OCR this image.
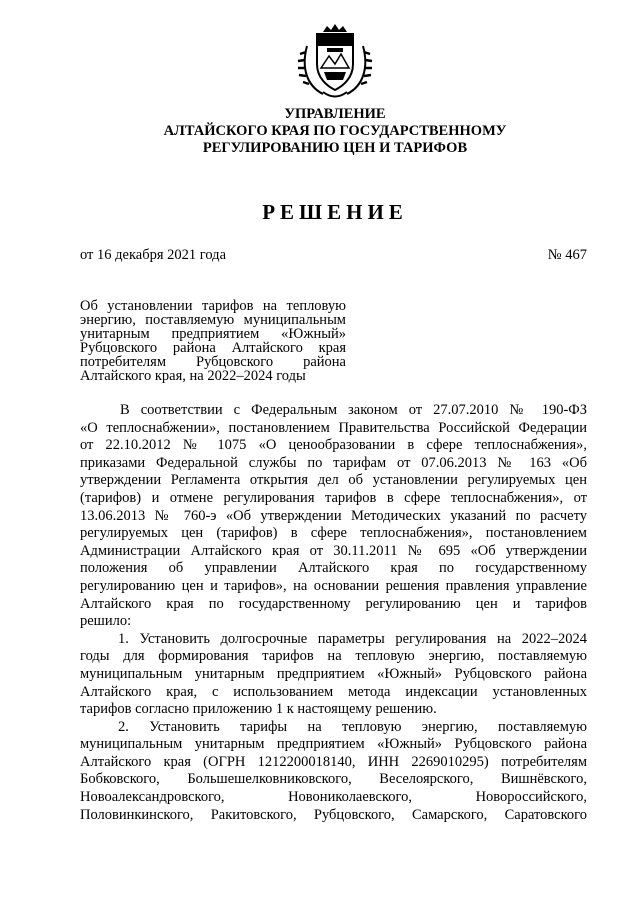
УПРАВЛЕНИЕ
АЛТАЙСКОГО КРАЯ ПО ГОСУДАРСТВЕННОМУ
РЕГУЛИРОВАНИЮ ЦЕН И ТАРИФОВ
РЕШЕНИЕ
от 16 декабря 2021 года	№ 467
Об установлении тарифов на тепловую
энергию, поставляемую муниципальным
унитарным предприятием «Южный»
Рубцовского района Алтайского края
потребителям Рубцовского района
Алтайского края, на 2022–2024 годы
В соответствии с Федеральным законом от 27.07.2010 № 190-ФЗ
«О теплоснабжении», постановлением Правительства Российской Федерации
от 22.10.2012 № 1075 «О ценообразовании в сфере теплоснабжения»,
приказами Федеральной службы по тарифам от 07.06.2013 № 163 «Об
утверждении Регламента открытия дел об установлении регулируемых цен
(тарифов) и отмене регулирования тарифов в сфере теплоснабжения», от
13.06.2013 № 760-э «Об утверждении Методических указаний по расчету
регулируемых цен (тарифов) в сфере теплоснабжения», постановлением
Администрации Алтайского края от 30.11.2011 № 695 «Об утверждении
положения об управлении Алтайского края по государственному
регулированию цен и тарифов», на основании решения правления управление
Алтайского края по государственному регулированию цен и тарифов
решило:
1. Установить долгосрочные параметры регулирования на 2022–2024
годы для формирования тарифов на тепловую энергию, поставляемую
муниципальным унитарным предприятием «Южный» Рубцовского района
Алтайского края, с использованием метода индексации установленных
тарифов согласно приложению 1 к настоящему решению.
2. Установить тарифы на тепловую энергию, поставляемую
муниципальным унитарным предприятием «Южный» Рубцовского района
Алтайского края (ОГРН 1212200018140, ИНН 2269010295) потребителям
Бобковского, Большешелковниковского, Веселоярского, Вишнёвского,
Новоалександровского, Новониколаевского, Новороссийского,
Половинкинского, Ракитовского, Рубцовского, Самарского, Саратовского
